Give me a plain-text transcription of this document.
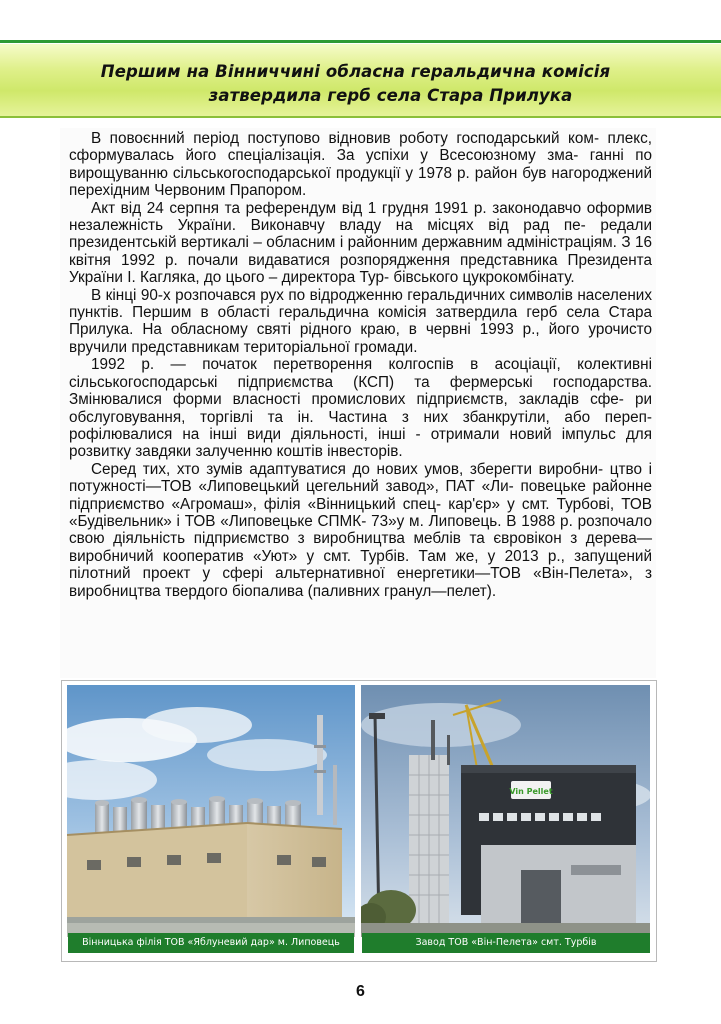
Першим на Вінниччині обласна геральдична комісія
затвердила герб села Стара Прилука

В повоєнний період поступово відновив роботу господарський ком- плекс, сформувалась його спеціалізація. За успіхи у Всесоюзному зма- ганні по вирощуванню сільськогосподарської продукції у 1978 р. район був нагороджений перехідним Червоним Прапором.

Акт від 24 серпня та референдум від 1 грудня 1991 р. законодавчо оформив незалежність України. Виконавчу владу на місцях від рад пе- редали президентській вертикалі – обласним і районним державним адміністраціям. З 16 квітня 1992 р. почали видаватися розпорядження представника Президента України І. Кагляка, до цього – директора Тур- бівського цукрокомбінату.

В кінці 90-х розпочався рух по відродженню геральдичних символів населених пунктів. Першим в області геральдична комісія затвердила герб села Стара Прилука. На обласному святі рідного краю, в червні 1993 р., його урочисто вручили представникам територіальної громади.

1992 р. — початок перетворення колгоспів в асоціації, колективні сільськогосподарські підприємства (КСП) та фермерські господарства. Змінювалися форми власності промислових підприємств, закладів сфе- ри обслуговування, торгівлі та ін. Частина з них збанкрутіли, або переп- рофілювалися на інші види діяльності, інші - отримали новий імпульс для розвитку завдяки залученню коштів інвесторів.

Серед тих, хто зумів адаптуватися до нових умов, зберегти виробни- цтво і потужності—ТОВ «Липовецький цегельний завод», ПАТ «Ли- повецьке районне підприємство «Агромаш», філія «Вінницький спец- кар'єр» у смт. Турбові, ТОВ «Будівельник» і ТОВ «Липовецьке СПМК- 73»у м. Липовець. В 1988 р. розпочало свою діяльність підприємство з виробництва меблів та євровікон з дерева—виробничий кооператив «Уют» у смт. Турбів. Там же, у 2013 р., запущений пілотний проект у сфері альтернативної енергетики—ТОВ «Він-Пелета», з виробництва твердого біопалива (паливних гранул—пелет).

Vin Pellet
Вінницька філія ТОВ «Яблуневий дар» м. Липовець	Завод ТОВ «Він-Пелета» смт. Турбів
6
